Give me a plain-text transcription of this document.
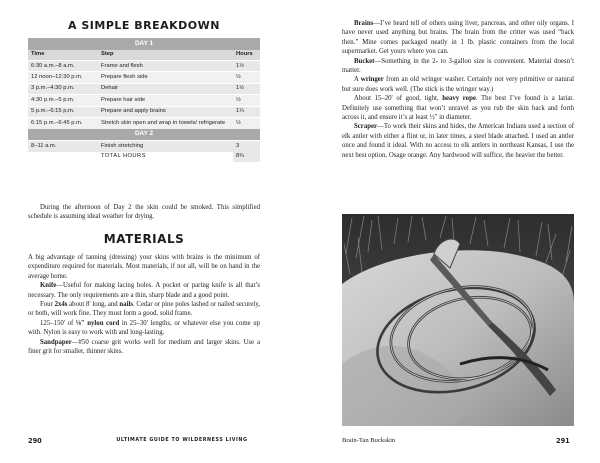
A SIMPLE BREAKDOWN
DAY 1		
Time	Step	Hours
6:30 a.m.–8 a.m.	Frame and flesh	1½
12 noon–12:30 p.m.	Prepare flesh side	½
3 p.m.–4:30 p.m.	Dehair	1½
4:30 p.m.–5 p.m.	Prepare hair side	½
5 p.m.–6:15 p.m.	Prepare and apply brains	1¼
6:15 p.m.–6:45 p.m.	Stretch skin open and wrap in towels/ refrigerate	½
DAY 2		
8–11 a.m.	Finish stretching	3
	TOTAL HOURS	8¾

During the afternoon of Day 2 the skin could be smoked. This simplified schedule is assuming ideal weather for drying.

MATERIALS

A big advantage of tanning (dressing) your skins with brains is the minimum of expenditure required for materials. Most materials, if not all, will be on hand in the average home.

Knife—Useful for making lacing holes. A pocket or paring knife is all that’s necessary. The only requirements are a thin, sharp blade and a good point.

Four 2x4s about 8' long, and nails. Cedar or pine poles lashed or nailed securely, or both, will work fine. They must form a good, solid frame.

125–150' of ⅛" nylon cord in 25–30' lengths, or whatever else you come up with. Nylon is easy to work with and long-lasting.

Sandpaper—#50 coarse grit works well for medium and larger skins. Use a finer grit for smaller, thinner skins.

290	ULTIMATE GUIDE TO WILDERNESS LIVING

Brains—I’ve heard tell of others using liver, pancreas, and other oily organs. I have never used anything but brains. The brain from the critter was used “back then.” Mine comes packaged neatly in 1 lb. plastic containers from the local supermarket. Get yours where you can.

Bucket—Something in the 2- to 3-gallon size is convenient. Material doesn’t matter.

A wringer from an old wringer washer. Certainly not very primitive or natural but sure does work well. (The stick is the wringer way.)

About 15–20' of good, tight, heavy rope. The best I’ve found is a lariat. Definitely use something that won’t unravel as you rub the skin back and forth across it, and ensure it’s at least ½" in diameter.

Scraper—To work their skins and hides, the American Indians used a section of elk antler with either a flint or, in later times, a steel blade attached. I used an antler once and found it ideal. With no access to elk antlers in northeast Kansas, I use the next best option, Osage orange. Any hardwood will suffice, the heavier the better.

Brain-Tan Buckskin	291
